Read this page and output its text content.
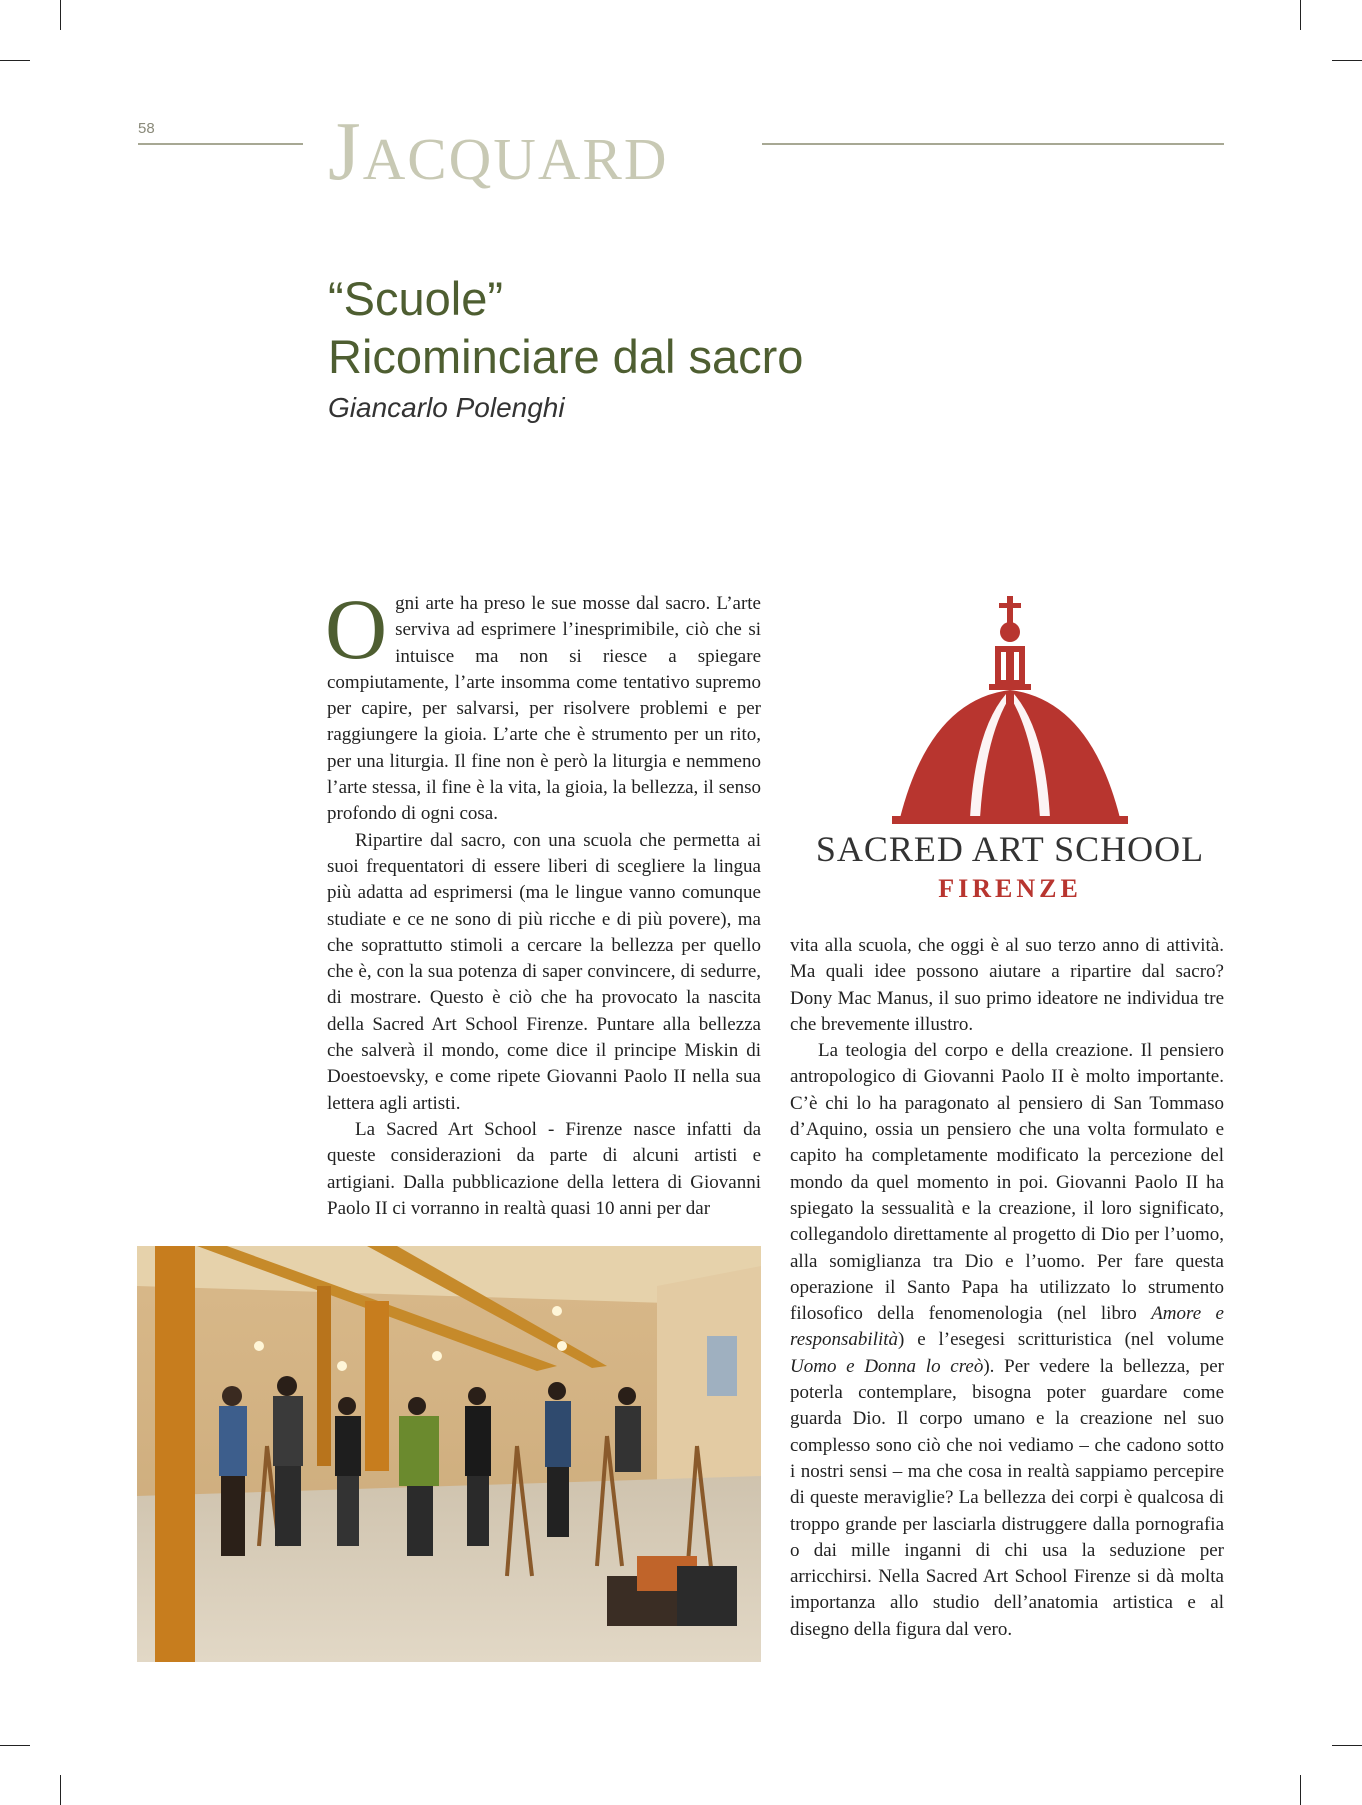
58 Jacquard
“Scuole”
Ricominciare dal sacro
Giancarlo Polenghi

Ogni arte ha preso le sue mosse dal sacro. L’arte serviva ad esprimere l’inesprimibile, ciò che si intuisce ma non si riesce a spiegare compiutamente, l’arte insomma come tentativo supremo per capire, per salvarsi, per risolvere problemi e per raggiungere la gioia. L’arte che è strumento per un rito, per una liturgia. Il fine non è però la liturgia e nemmeno l’arte stessa, il fine è la vita, la gioia, la bellezza, il senso profondo di ogni cosa.

Ripartire dal sacro, con una scuola che permetta ai suoi frequentatori di essere liberi di scegliere la lingua più adatta ad esprimersi (ma le lingue vanno comunque studiate e ce ne sono di più ricche e di più povere), ma che soprattutto stimoli a cercare la bellezza per quello che è, con la sua potenza di saper convincere, di sedurre, di mostrare. Questo è ciò che ha provocato la nascita della Sacred Art School Firenze. Puntare alla bellezza che salverà il mondo, come dice il principe Miskin di Doestoevsky, e come ripete Giovanni Paolo II nella sua lettera agli artisti.

La Sacred Art School - Firenze nasce infatti da queste considerazioni da parte di alcuni artisti e artigiani. Dalla pubblicazione della lettera di Giovanni Paolo II ci vorranno in realtà quasi 10 anni per dar

SACRED ART SCHOOL
FIRENZE

vita alla scuola, che oggi è al suo terzo anno di attività. Ma quali idee possono aiutare a ripartire dal sacro? Dony Mac Manus, il suo primo ideatore ne individua tre che brevemente illustro.

La teologia del corpo e della creazione. Il pensiero antropologico di Giovanni Paolo II è molto importante. C’è chi lo ha paragonato al pensiero di San Tommaso d’Aquino, ossia un pensiero che una volta formulato e capito ha completamente modificato la percezione del mondo da quel momento in poi. Giovanni Paolo II ha spiegato la sessualità e la creazione, il loro significato, collegandolo direttamente al progetto di Dio per l’uomo, alla somiglianza tra Dio e l’uomo. Per fare questa operazione il Santo Papa ha utilizzato lo strumento filosofico della fenomenologia (nel libro Amore e responsabilità) e l’esegesi scritturistica (nel volume Uomo e Donna lo creò). Per vedere la bellezza, per poterla contemplare, bisogna poter guardare come guarda Dio. Il corpo umano e la creazione nel suo complesso sono ciò che noi vediamo – che cadono sotto i nostri sensi – ma che cosa in realtà sappiamo percepire di queste meraviglie? La bellezza dei corpi è qualcosa di troppo grande per lasciarla distruggere dalla pornografia o dai mille inganni di chi usa la seduzione per arricchirsi. Nella Sacred Art School Firenze si dà molta importanza allo studio dell’anatomia artistica e al disegno della figura dal vero.
